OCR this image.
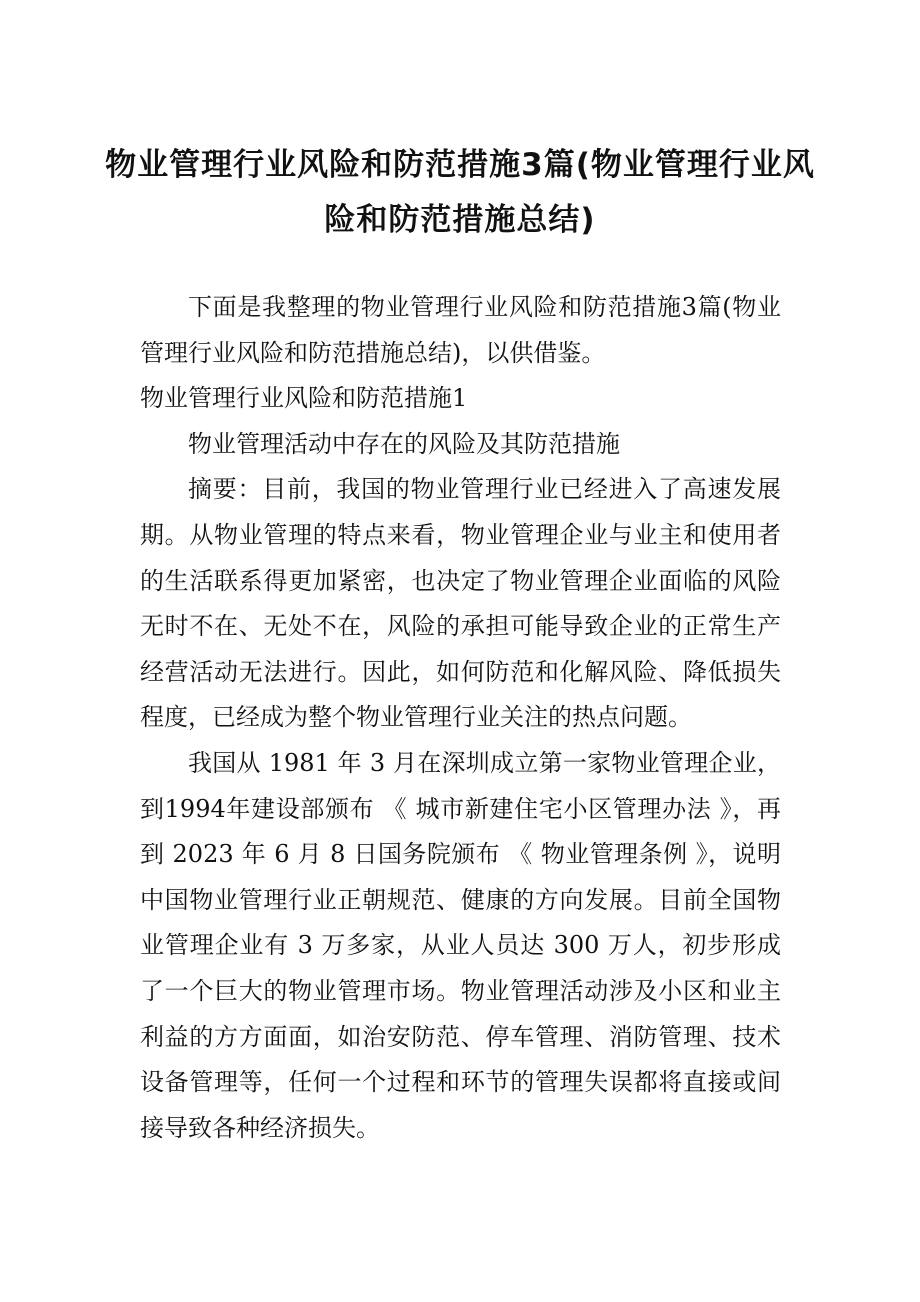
物业管理行业风险和防范措施3篇(物业管理行业风险和防范措施总结)

下面是我整理的物业管理行业风险和防范措施3篇(物业管理行业风险和防范措施总结)，以供借鉴。

物业管理行业风险和防范措施1

物业管理活动中存在的风险及其防范措施

摘要：目前，我国的物业管理行业已经进入了高速发展期。从物业管理的特点来看，物业管理企业与业主和使用者的生活联系得更加紧密，也决定了物业管理企业面临的风险无时不在、无处不在，风险的承担可能导致企业的正常生产经营活动无法进行。因此，如何防范和化解风险、降低损失程度，已经成为整个物业管理行业关注的热点问题。

我国从 1981 年 3 月在深圳成立第一家物业管理企业，到1994年建设部颁布 《 城市新建住宅小区管理办法 》，再到 2023 年 6 月 8 日国务院颁布 《 物业管理条例 》，说明中国物业管理行业正朝规范、健康的方向发展。目前全国物业管理企业有 3 万多家，从业人员达 300 万人，初步形成了一个巨大的物业管理市场。物业管理活动涉及小区和业主利益的方方面面，如治安防范、停车管理、消防管理、技术设备管理等，任何一个过程和环节的管理失误都将直接或间接导致各种经济损失。
